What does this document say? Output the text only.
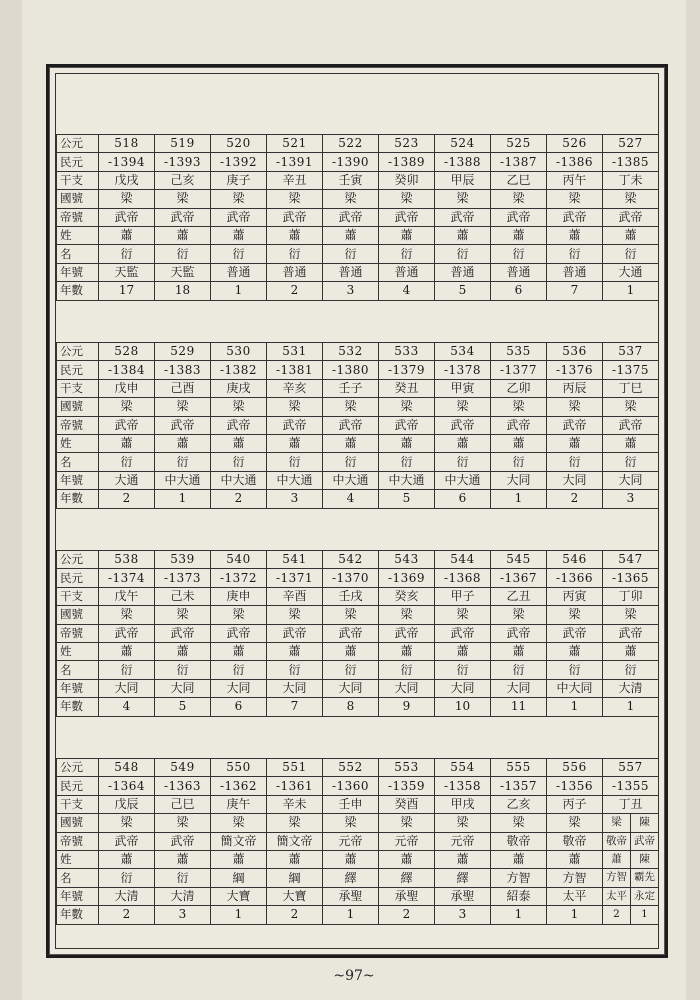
公元	518	519	520	521	522	523	524	525	526	527
民元	-1394	-1393	-1392	-1391	-1390	-1389	-1388	-1387	-1386	-1385
干支	戊戌	己亥	庚子	辛丑	壬寅	癸卯	甲辰	乙巳	丙午	丁未
國號	梁	梁	梁	梁	梁	梁	梁	梁	梁	梁
帝號	武帝	武帝	武帝	武帝	武帝	武帝	武帝	武帝	武帝	武帝
姓	蕭	蕭	蕭	蕭	蕭	蕭	蕭	蕭	蕭	蕭
名	衍	衍	衍	衍	衍	衍	衍	衍	衍	衍
年號	天監	天監	普通	普通	普通	普通	普通	普通	普通	大通
年數	17	18	1	2	3	4	5	6	7	1
公元	528	529	530	531	532	533	534	535	536	537
民元	-1384	-1383	-1382	-1381	-1380	-1379	-1378	-1377	-1376	-1375
干支	戊申	己酉	庚戌	辛亥	壬子	癸丑	甲寅	乙卯	丙辰	丁巳
國號	梁	梁	梁	梁	梁	梁	梁	梁	梁	梁
帝號	武帝	武帝	武帝	武帝	武帝	武帝	武帝	武帝	武帝	武帝
姓	蕭	蕭	蕭	蕭	蕭	蕭	蕭	蕭	蕭	蕭
名	衍	衍	衍	衍	衍	衍	衍	衍	衍	衍
年號	大通	中大通	中大通	中大通	中大通	中大通	中大通	大同	大同	大同
年數	2	1	2	3	4	5	6	1	2	3
公元	538	539	540	541	542	543	544	545	546	547
民元	-1374	-1373	-1372	-1371	-1370	-1369	-1368	-1367	-1366	-1365
干支	戊午	己未	庚申	辛酉	壬戌	癸亥	甲子	乙丑	丙寅	丁卯
國號	梁	梁	梁	梁	梁	梁	梁	梁	梁	梁
帝號	武帝	武帝	武帝	武帝	武帝	武帝	武帝	武帝	武帝	武帝
姓	蕭	蕭	蕭	蕭	蕭	蕭	蕭	蕭	蕭	蕭
名	衍	衍	衍	衍	衍	衍	衍	衍	衍	衍
年號	大同	大同	大同	大同	大同	大同	大同	大同	中大同	大清
年數	4	5	6	7	8	9	10	11	1	1
公元	548	549	550	551	552	553	554	555	556	557
民元	-1364	-1363	-1362	-1361	-1360	-1359	-1358	-1357	-1356	-1355
干支	戊辰	己巳	庚午	辛未	壬申	癸酉	甲戌	乙亥	丙子	丁丑
國號	梁	梁	梁	梁	梁	梁	梁	梁	梁	梁 陳

帝號	武帝	武帝	簡文帝	簡文帝	元帝	元帝	元帝	敬帝	敬帝	敬帝 武帝

姓	蕭	蕭	蕭	蕭	蕭	蕭	蕭	蕭	蕭	蕭 陳

名	衍	衍	綱	綱	繹	繹	繹	方智	方智	方智 霸先

年號	大清	大清	大寶	大寶	承聖	承聖	承聖	紹泰	太平	太平 永定

年數	2	3	1	2	1	2	3	1	1	2 1
~97~
